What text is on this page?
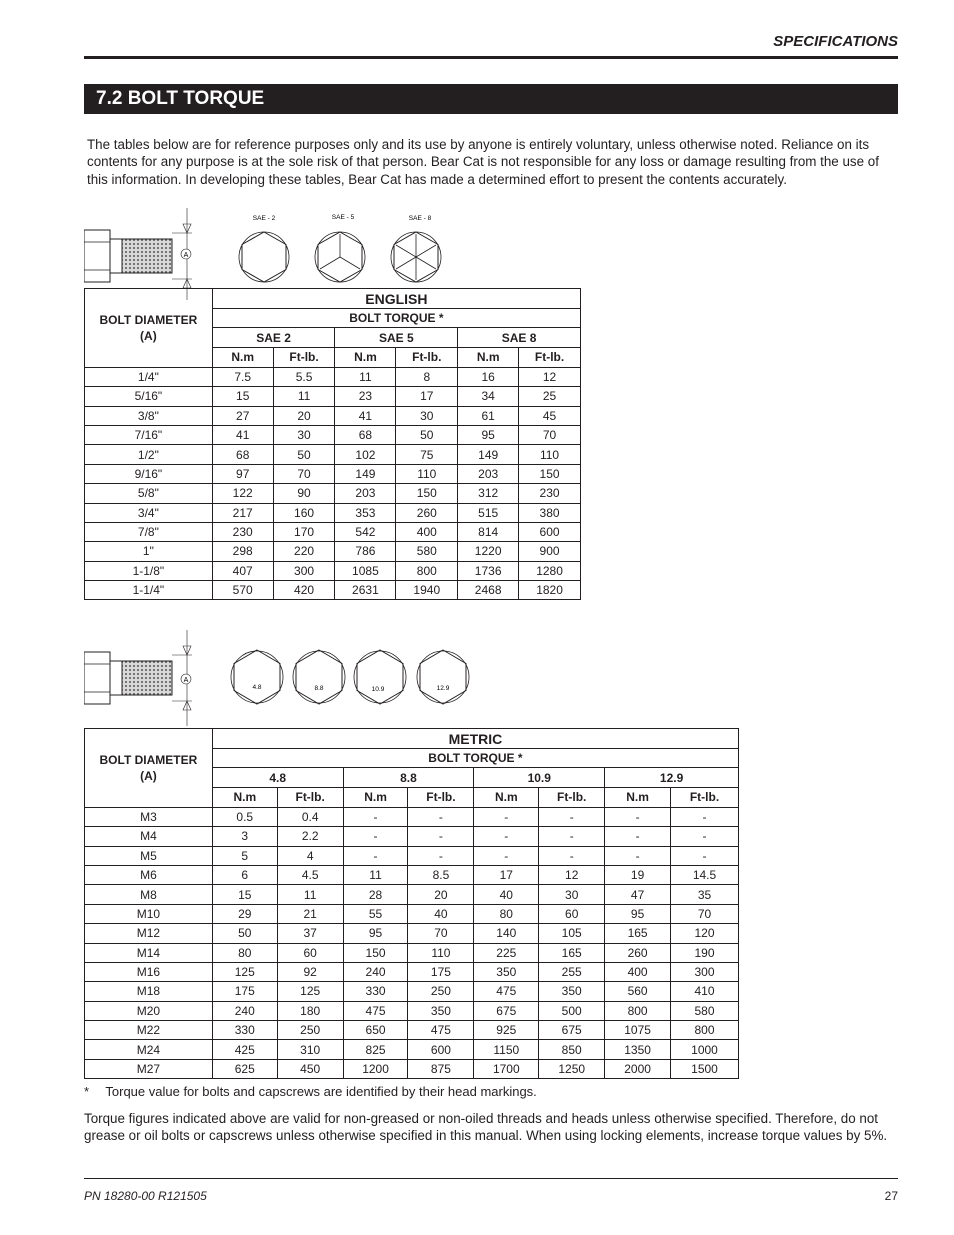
SPECIFICATIONS
7.2 BOLT TORQUE

The tables below are for reference purposes only and its use by anyone is entirely voluntary, unless otherwise noted. Reliance on its contents for any purpose is at the sole risk of that person. Bear Cat is not responsible for any loss or damage resulting from the use of this information. In developing these tables, Bear Cat has made a determined effort to present the contents accurately.

A
SAE - 2	SAE - 5	SAE - 8
BOLT DIAMETER
(A)	ENGLISH					
	BOLT TORQUE *					
	SAE 2		SAE 5		SAE 8	
	N.m	Ft-lb.	N.m	Ft-lb.	N.m	Ft-lb.
1/4"	7.5	5.5	11	8	16	12
5/16"	15	11	23	17	34	25
3/8"	27	20	41	30	61	45
7/16"	41	30	68	50	95	70
1/2"	68	50	102	75	149	110
9/16"	97	70	149	110	203	150
5/8"	122	90	203	150	312	230
3/4"	217	160	353	260	515	380
7/8"	230	170	542	400	814	600
1"	298	220	786	580	1220	900
1-1/8"	407	300	1085	800	1736	1280
1-1/4"	570	420	2631	1940	2468	1820
A
4.8	8.8	10.9	12.9
BOLT DIAMETER
(A)	METRIC							
	BOLT TORQUE *							
	4.8		8.8		10.9		12.9	
	N.m	Ft-lb.	N.m	Ft-lb.	N.m	Ft-lb.	N.m	Ft-lb.
M3	0.5	0.4	-	-	-	-	-	-
M4	3	2.2	-	-	-	-	-	-
M5	5	4	-	-	-	-	-	-
M6	6	4.5	11	8.5	17	12	19	14.5
M8	15	11	28	20	40	30	47	35
M10	29	21	55	40	80	60	95	70
M12	50	37	95	70	140	105	165	120
M14	80	60	150	110	225	165	260	190
M16	125	92	240	175	350	255	400	300
M18	175	125	330	250	475	350	560	410
M20	240	180	475	350	675	500	800	580
M22	330	250	650	475	925	675	1075	800
M24	425	310	825	600	1150	850	1350	1000
M27	625	450	1200	875	1700	1250	2000	1500
* Torque value for bolts and capscrews are identified by their head markings.

Torque figures indicated above are valid for non-greased or non-oiled threads and heads unless otherwise specified. Therefore, do not grease or oil bolts or capscrews unless otherwise specified in this manual. When using locking elements, increase torque values by 5%.

PN 18280-00 R121505	27
